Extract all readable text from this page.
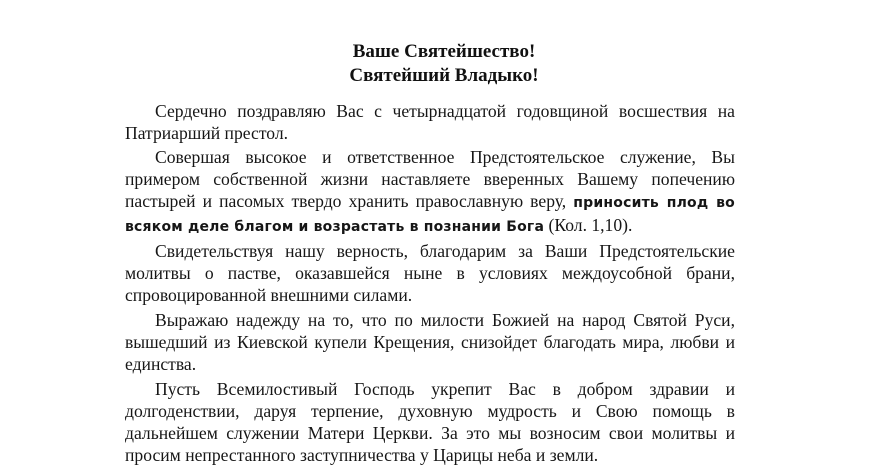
Ваше Святейшество!
Святейший Владыко!

Сердечно поздравляю Вас с четырнадцатой годовщиной восшествия на Патриарший престол.

Совершая высокое и ответственное Предстоятельское служение, Вы примером собственной жизни наставляете вверенных Вашему попечению пастырей и пасомых твердо хранить православную веру, приносить плод во всяком деле благом и возрастать в познании Бога (Кол. 1,10).

Свидетельствуя нашу верность, благодарим за Ваши Предстоятельские молитвы о пастве, оказавшейся ныне в условиях междоусобной брани, спровоцированной внешними силами.

Выражаю надежду на то, что по милости Божией на народ Святой Руси, вышедший из Киевской купели Крещения, снизойдет благодать мира, любви и единства.

Пусть Всемилостивый Господь укрепит Вас в добром здравии и долгоденствии, даруя терпение, духовную мудрость и Свою помощь в дальнейшем служении Матери Церкви. За это мы возносим свои молитвы и просим непрестанного заступничества у Царицы неба и земли.
